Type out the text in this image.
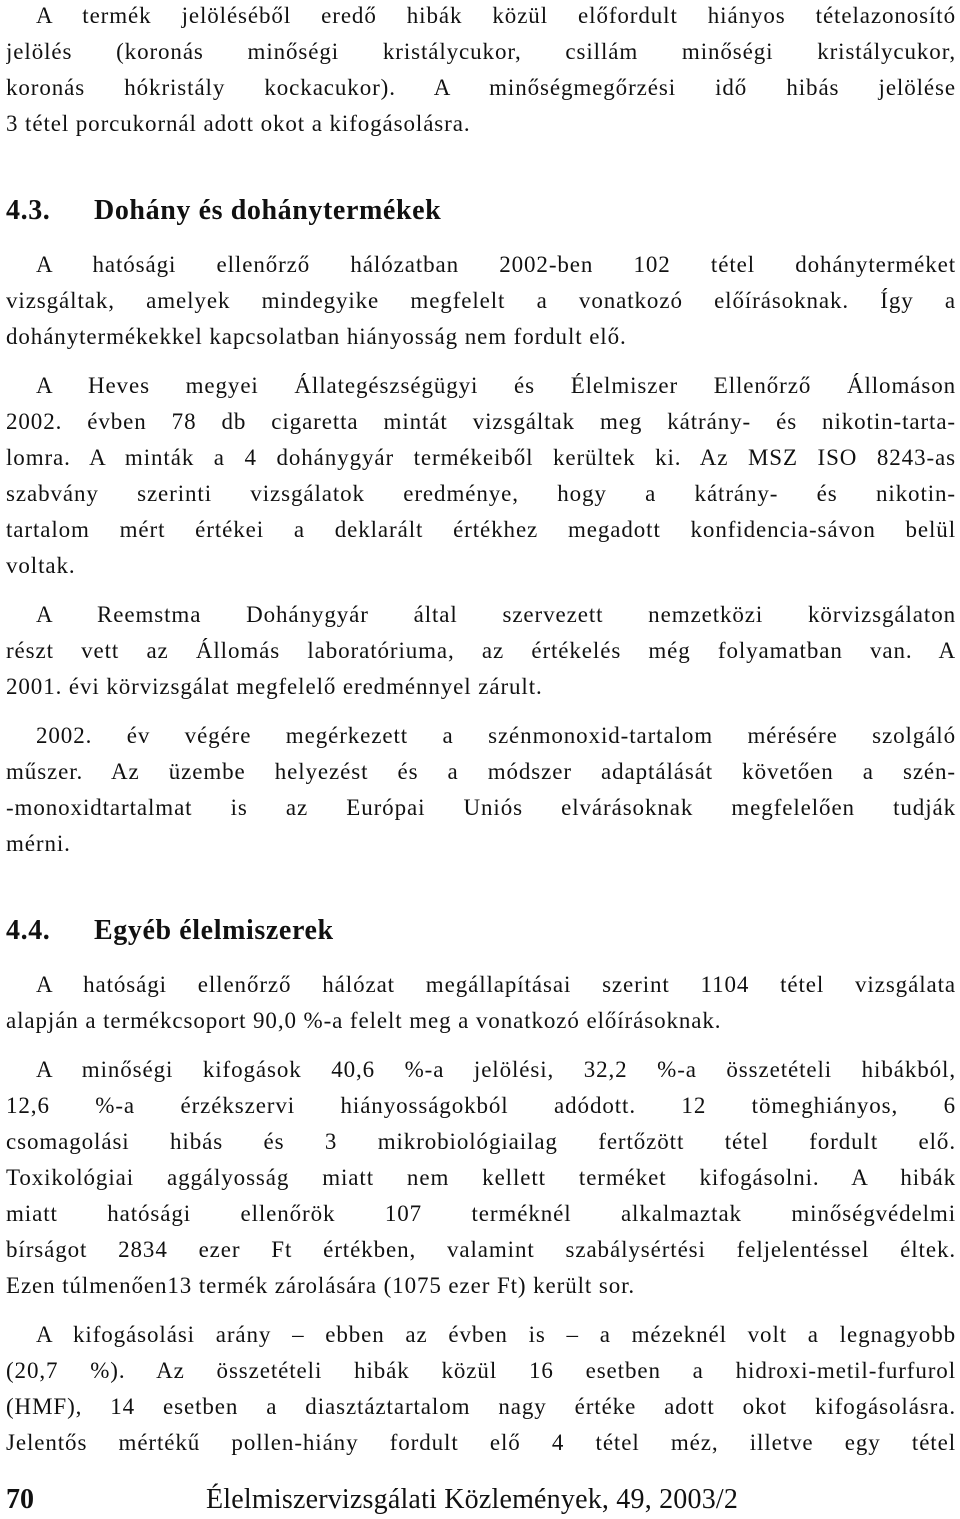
A termék jelöléséből eredő hibák közül előfordult hiányos tételazonosító
jelölés (koronás minőségi kristálycukor, csillám minőségi kristálycukor,
koronás hókristály kockacukor). A minőségmegőrzési idő hibás jelölése
3 tétel porcukornál adott okot a kifogásolásra.
4.3. Dohány és dohánytermékek
A hatósági ellenőrző hálózatban 2002-ben 102 tétel dohányterméket
vizsgáltak, amelyek mindegyike megfelelt a vonatkozó előírásoknak. Így a
dohánytermékekkel kapcsolatban hiányosság nem fordult elő.
A Heves megyei Állategészségügyi és Élelmiszer Ellenőrző Állomáson
2002. évben 78 db cigaretta mintát vizsgáltak meg kátrány- és nikotin-tarta-
lomra. A minták a 4 dohánygyár termékeiből kerültek ki. Az MSZ ISO 8243-as
szabvány szerinti vizsgálatok eredménye, hogy a kátrány- és nikotin-
tartalom mért értékei a deklarált értékhez megadott konfidencia-sávon belül
voltak.
A Reemstma Dohánygyár által szervezett nemzetközi körvizsgálaton
részt vett az Állomás laboratóriuma, az értékelés még folyamatban van. A
2001. évi körvizsgálat megfelelő eredménnyel zárult.
2002. év végére megérkezett a szénmonoxid-tartalom mérésére szolgáló
műszer. Az üzembe helyezést és a módszer adaptálását követően a szén-
-monoxidtartalmat is az Európai Uniós elvárásoknak megfelelően tudják
mérni.
4.4. Egyéb élelmiszerek
A hatósági ellenőrző hálózat megállapításai szerint 1104 tétel vizsgálata
alapján a termékcsoport 90,0 %-a felelt meg a vonatkozó előírásoknak.
A minőségi kifogások 40,6 %-a jelölési, 32,2 %-a összetételi hibákból,
12,6 %-a érzékszervi hiányosságokból adódott. 12 tömeghiányos, 6
csomagolási hibás és 3 mikrobiológiailag fertőzött tétel fordult elő.
Toxikológiai aggályosság miatt nem kellett terméket kifogásolni. A hibák
miatt hatósági ellenőrök 107 terméknél alkalmaztak minőségvédelmi
bírságot 2834 ezer Ft értékben, valamint szabálysértési feljelentéssel éltek.
Ezen túlmenően13 termék zárolására (1075 ezer Ft) került sor.
A kifogásolási arány – ebben az évben is – a mézeknél volt a legnagyobb
(20,7 %). Az összetételi hibák közül 16 esetben a hidroxi-metil-furfurol
(HMF), 14 esetben a diasztáztartalom nagy értéke adott okot kifogásolásra.
Jelentős mértékű pollen-hiány fordult elő 4 tétel méz, illetve egy tétel
70	Élelmiszervizsgálati Közlemények, 49, 2003/2
